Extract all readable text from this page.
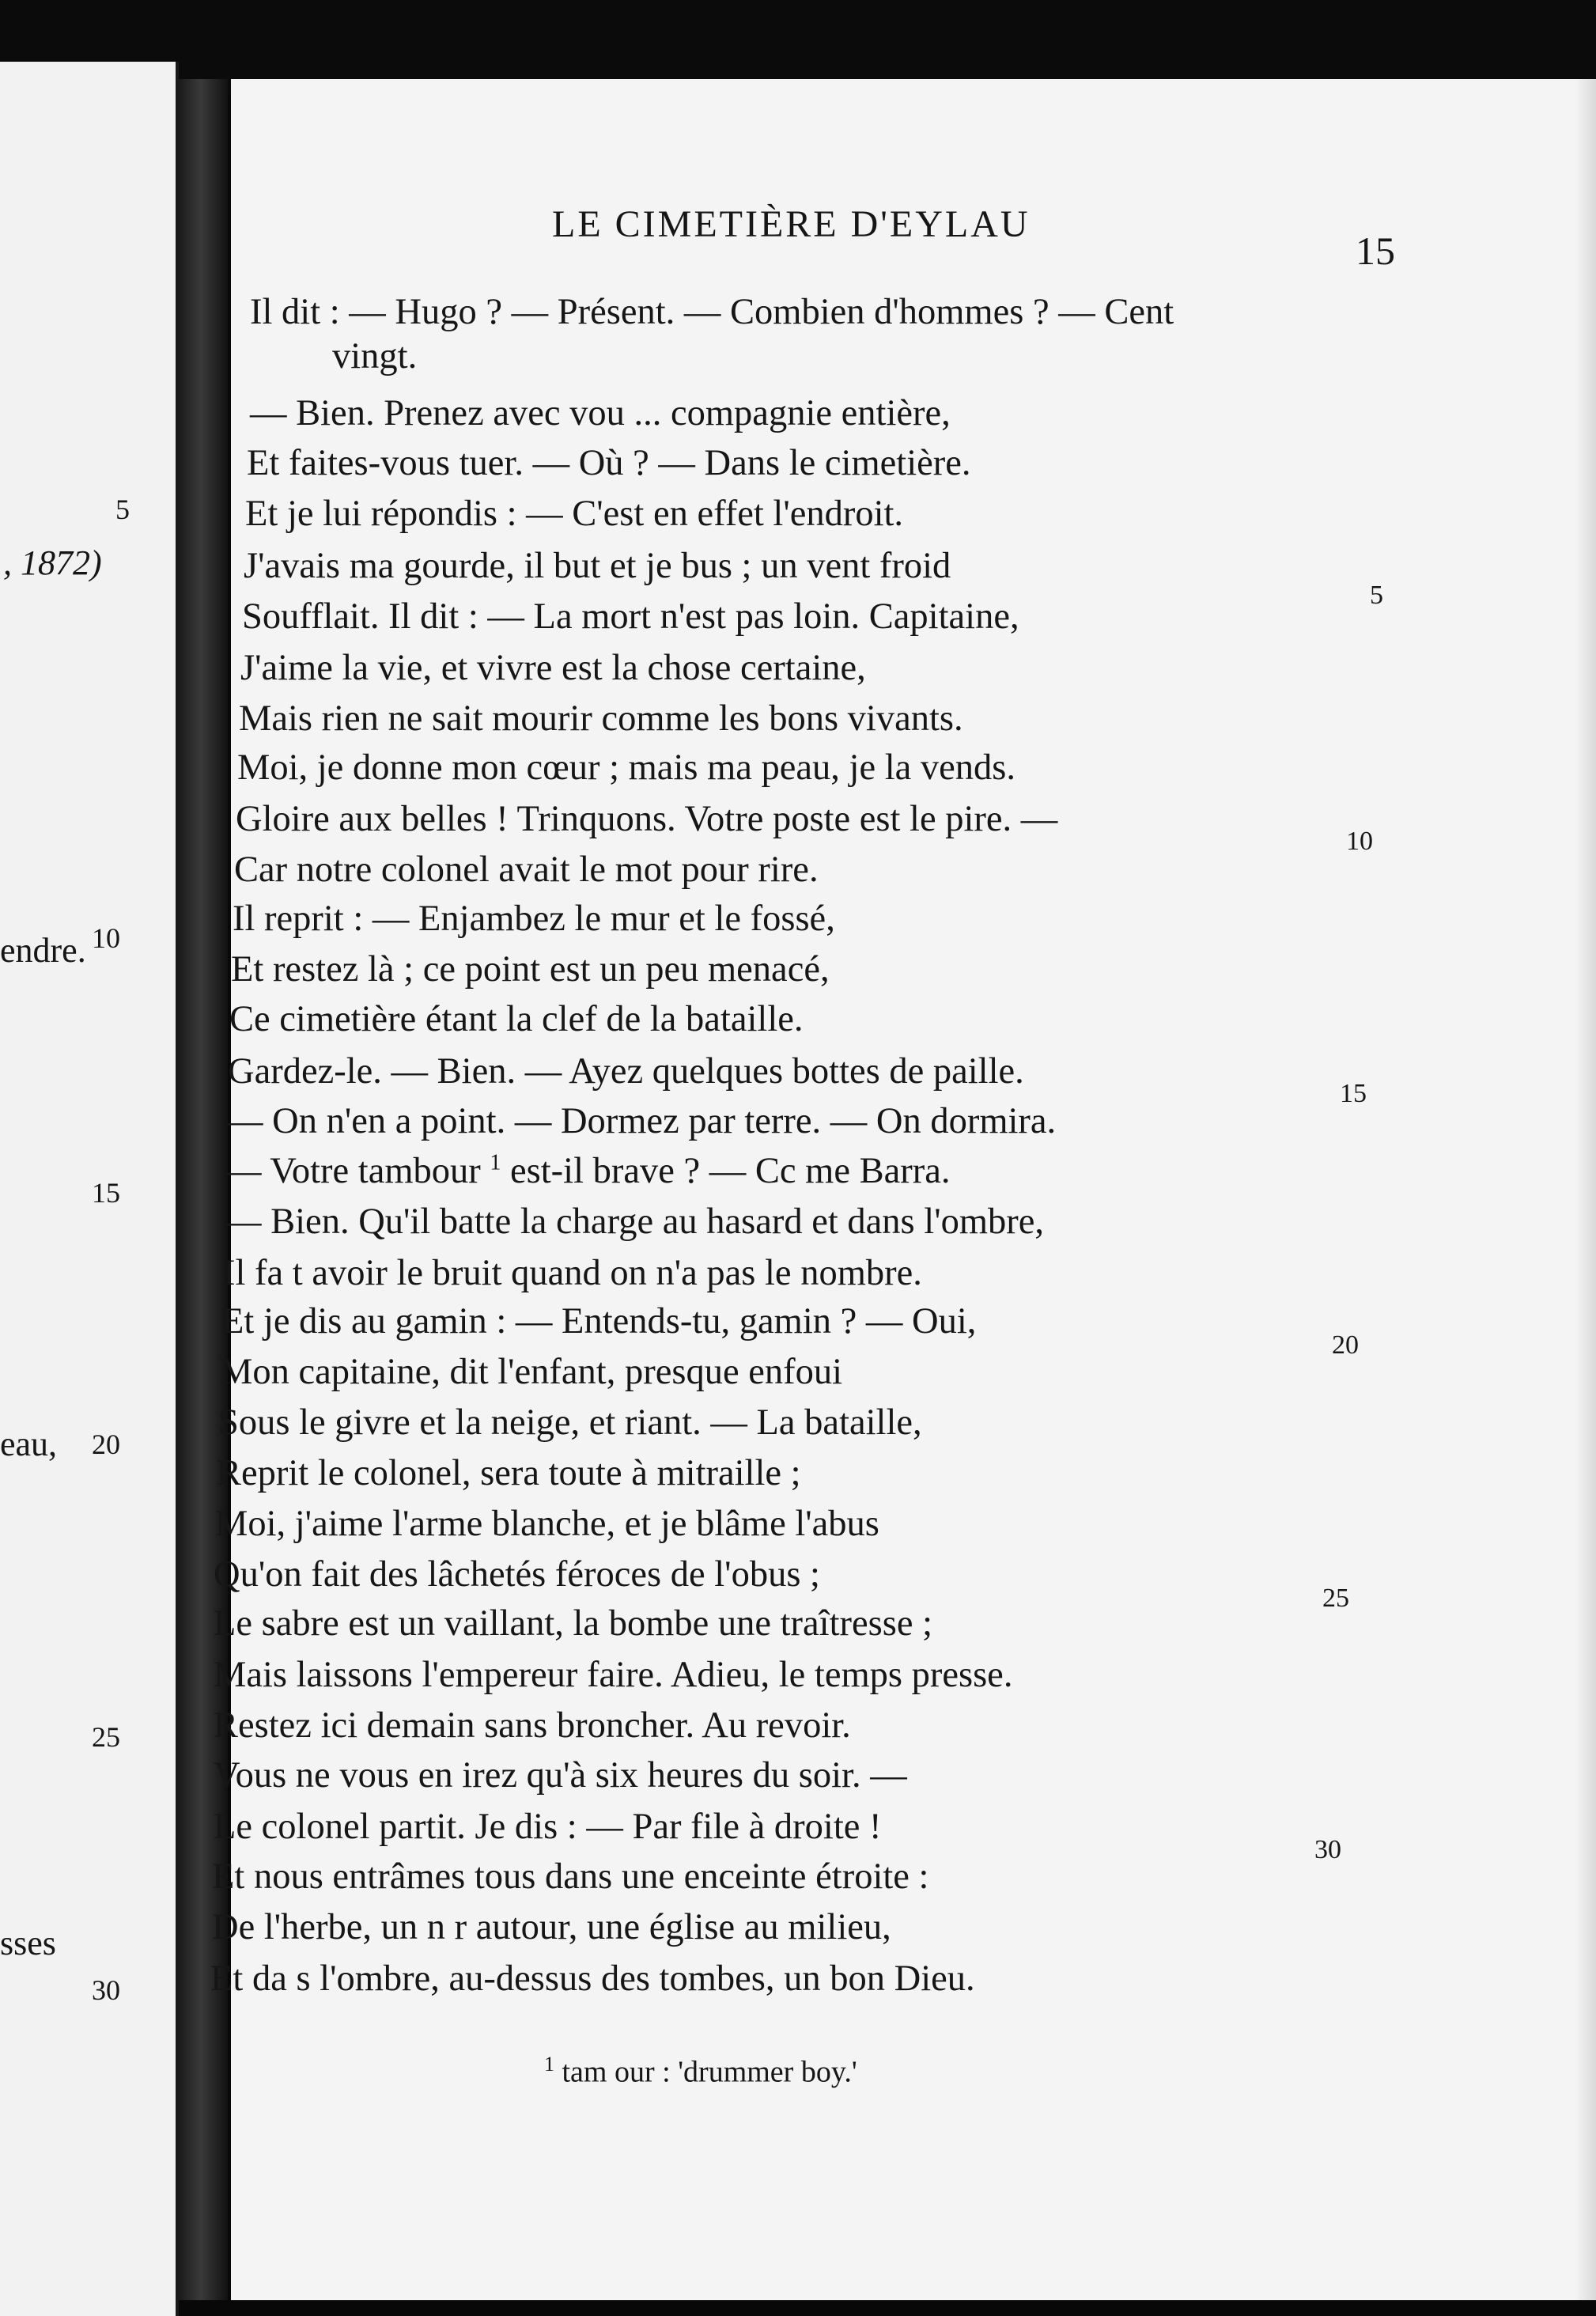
, 1872)
endre.
eau,
sses
5
10
15
20
25
30
LE CIMETIÈRE D'EYLAU
15
Il dit : — Hugo ? — Présent. — Combien d'hommes ? — Cent
vingt.
— Bien. Prenez avec vou ... compagnie entière,
Et faites-vous tuer. — Où ? — Dans le cimetière.
Et je lui répondis : — C'est en effet l'endroit.
J'avais ma gourde, il but et je bus ; un vent froid
Soufflait. Il dit : — La mort n'est pas loin. Capitaine,
J'aime la vie, et vivre est la chose certaine,
Mais rien ne sait mourir comme les bons vivants.
Moi, je donne mon cœur ; mais ma peau, je la vends.
Gloire aux belles ! Trinquons. Votre poste est le pire. —
Car notre colonel avait le mot pour rire.
Il reprit : — Enjambez le mur et le fossé,
Et restez là ; ce point est un peu menacé,
Ce cimetière étant la clef de la bataille.
Gardez-le. — Bien. — Ayez quelques bottes de paille.
— On n'en a point. — Dormez par terre. — On dormira.
— Votre tambour $^1$ est-il brave ? — Cc me Barra.
— Bien. Qu'il batte la charge au hasard et dans l'ombre,
Il fa t avoir le bruit quand on n'a pas le nombre.
Et je dis au gamin : — Entends-tu, gamin ? — Oui,
Mon capitaine, dit l'enfant, presque enfoui
Sous le givre et la neige, et riant. — La bataille,
Reprit le colonel, sera toute à mitraille ;
Moi, j'aime l'arme blanche, et je blâme l'abus
Qu'on fait des lâchetés féroces de l'obus ;
Le sabre est un vaillant, la bombe une traîtresse ;
Mais laissons l'empereur faire. Adieu, le temps presse.
Restez ici demain sans broncher. Au revoir.
Vous ne vous en irez qu'à six heures du soir. —
Le colonel partit. Je dis : — Par file à droite !
Et nous entrâmes tous dans une enceinte étroite :
De l'herbe, un n r autour, une église au milieu,
Et da s l'ombre, au-dessus des tombes, un bon Dieu.
5
10
15
20
25
30
$^1$ tam our : 'drummer boy.'
